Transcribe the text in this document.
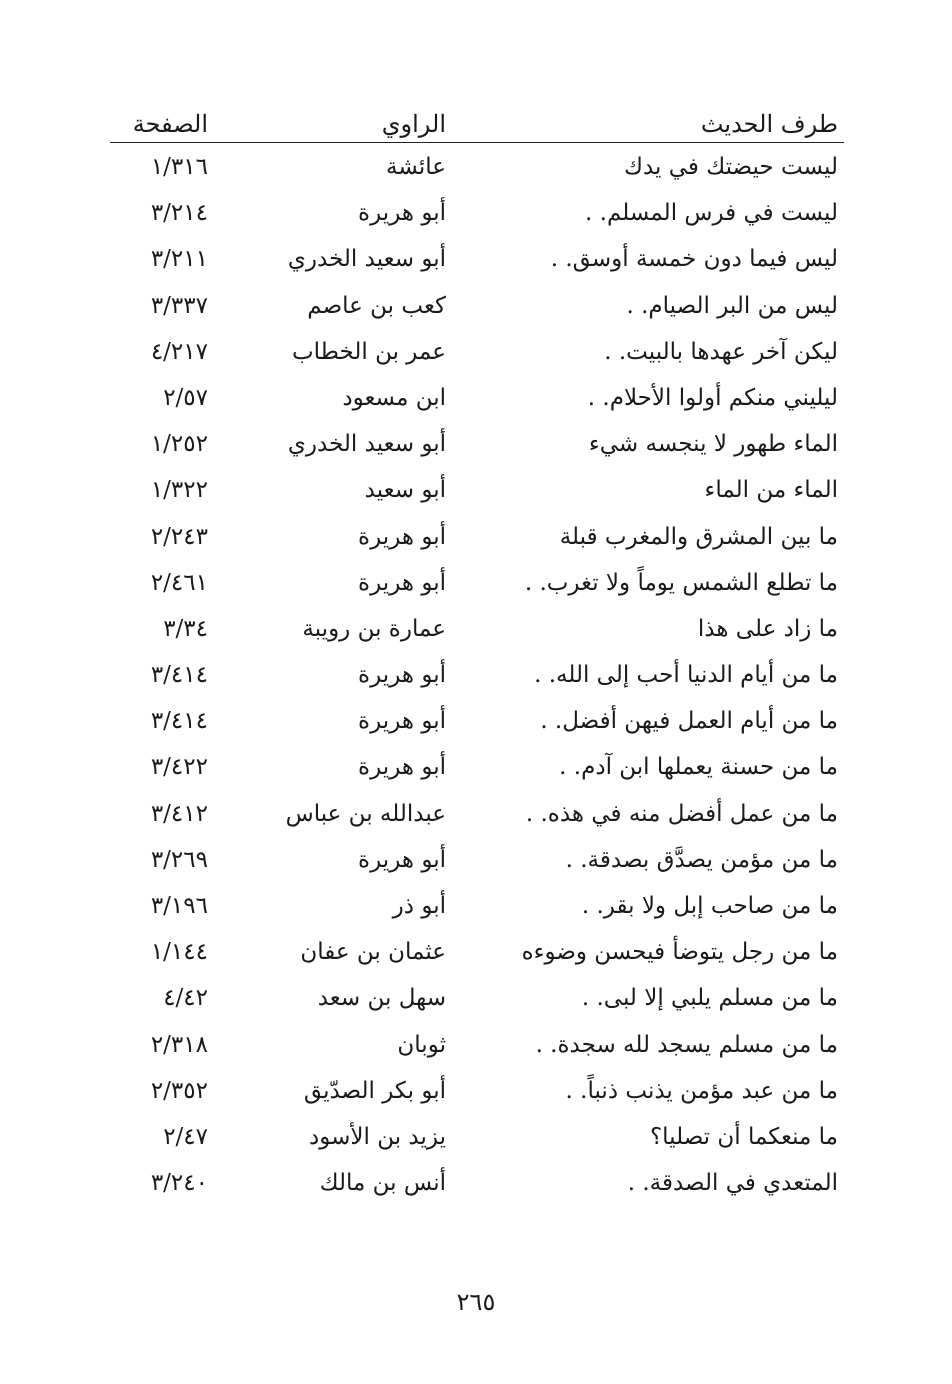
طرف الحديث
الراوي
الصفحة
ليست حيضتك في يدك
عائشة
١/٣١٦
ليست في فرس المسلم. .
أبو هريرة
٣/٢١٤
ليس فيما دون خمسة أوسق. .
أبو سعيد الخدري
٣/٢١١
ليس من البر الصيام. .
كعب بن عاصم
٣/٣٣٧
ليكن آخر عهدها بالبيت. .
عمر بن الخطاب
٤/٢١٧
ليليني منكم أولوا الأحلام. .
ابن مسعود
٢/٥٧
الماء طهور لا ينجسه شيء
أبو سعيد الخدري
١/٢٥٢
الماء من الماء
أبو سعيد
١/٣٢٢
ما بين المشرق والمغرب قبلة
أبو هريرة
٢/٢٤٣
ما تطلع الشمس يوماً ولا تغرب. .
أبو هريرة
٢/٤٦١
ما زاد على هذا
عمارة بن رويبة
٣/٣٤
ما من أيام الدنيا أحب إلى الله. .
أبو هريرة
٣/٤١٤
ما من أيام العمل فيهن أفضل. .
أبو هريرة
٣/٤١٤
ما من حسنة يعملها ابن آدم. .
أبو هريرة
٣/٤٢٢
ما من عمل أفضل منه في هذه. .
عبدالله بن عباس
٣/٤١٢
ما من مؤمن يصدَّق بصدقة. .
أبو هريرة
٣/٢٦٩
ما من صاحب إبل ولا بقر. .
أبو ذر
٣/١٩٦
ما من رجل يتوضأ فيحسن وضوءه
عثمان بن عفان
١/١٤٤
ما من مسلم يلبي إلا لبى. .
سهل بن سعد
٤/٤٢
ما من مسلم يسجد لله سجدة. .
ثوبان
٢/٣١٨
ما من عبد مؤمن يذنب ذنباً. .
أبو بكر الصدّيق
٢/٣٥٢
ما منعكما أن تصليا؟
يزيد بن الأسود
٢/٤٧
المتعدي في الصدقة. .
أنس بن مالك
٣/٢٤٠
٢٦٥
